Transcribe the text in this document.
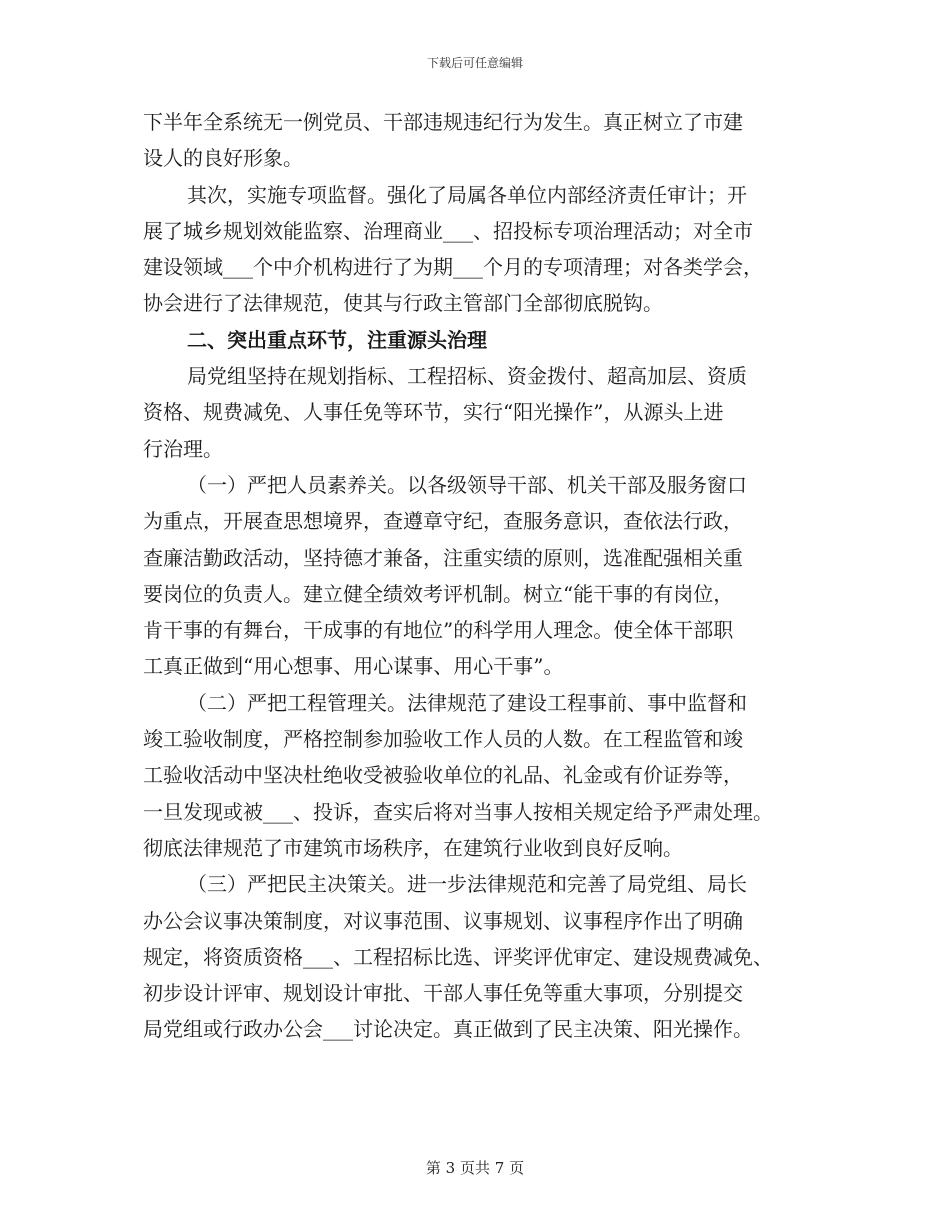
下载后可任意编辑
下半年全系统无一例党员、干部违规违纪行为发生。真正树立了市建
设人的良好形象。
其次，实施专项监督。强化了局属各单位内部经济责任审计；开
展了城乡规划效能监察、治理商业___、招投标专项治理活动；对全市
建设领域___个中介机构进行了为期___个月的专项清理；对各类学会，
协会进行了法律规范，使其与行政主管部门全部彻底脱钩。
二、突出重点环节，注重源头治理
局党组坚持在规划指标、工程招标、资金拨付、超高加层、资质
资格、规费减免、人事任免等环节，实行“阳光操作”，从源头上进
行治理。
（一）严把人员素养关。以各级领导干部、机关干部及服务窗口
为重点，开展查思想境界，查遵章守纪，查服务意识，查依法行政，
查廉洁勤政活动，坚持德才兼备，注重实绩的原则，选准配强相关重
要岗位的负责人。建立健全绩效考评机制。树立“能干事的有岗位，
肯干事的有舞台，干成事的有地位”的科学用人理念。使全体干部职
工真正做到“用心想事、用心谋事、用心干事”。
（二）严把工程管理关。法律规范了建设工程事前、事中监督和
竣工验收制度，严格控制参加验收工作人员的人数。在工程监管和竣
工验收活动中坚决杜绝收受被验收单位的礼品、礼金或有价证券等，
一旦发现或被___、投诉，查实后将对当事人按相关规定给予严肃处理。
彻底法律规范了市建筑市场秩序，在建筑行业收到良好反响。
（三）严把民主决策关。进一步法律规范和完善了局党组、局长
办公会议事决策制度，对议事范围、议事规划、议事程序作出了明确
规定，将资质资格___、工程招标比选、评奖评优审定、建设规费减免、
初步设计评审、规划设计审批、干部人事任免等重大事项，分别提交
局党组或行政办公会___讨论决定。真正做到了民主决策、阳光操作。
第 3 页共 7 页
